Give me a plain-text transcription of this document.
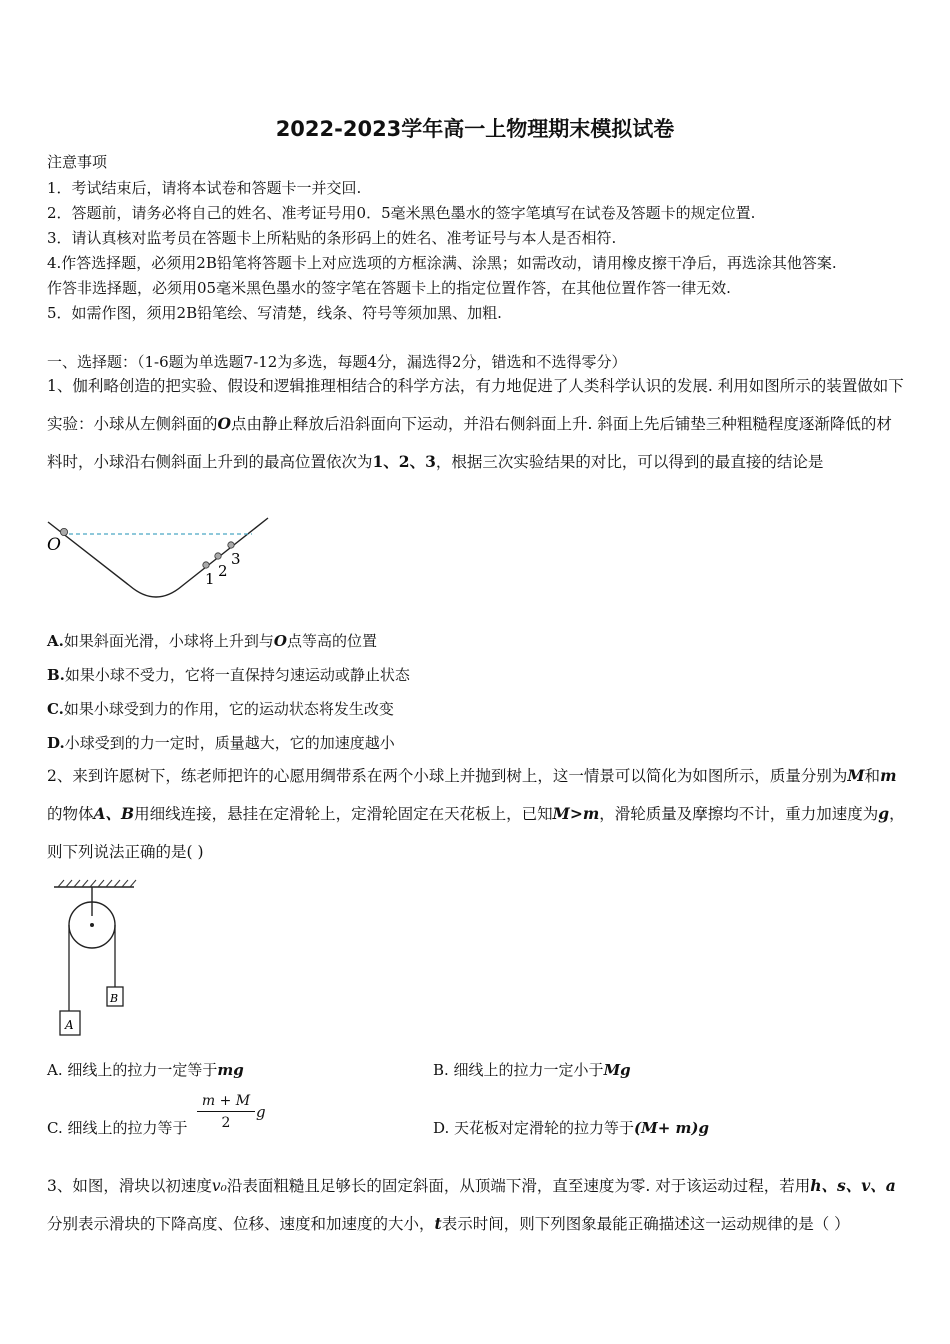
2022-2023学年高一上物理期末模拟试卷
注意事项
1．考试结束后，请将本试卷和答题卡一并交回.
2．答题前，请务必将自己的姓名、准考证号用0．5毫米黑色墨水的签字笔填写在试卷及答题卡的规定位置.
3．请认真核对监考员在答题卡上所粘贴的条形码上的姓名、准考证号与本人是否相符.
4.作答选择题，必须用2B铅笔将答题卡上对应选项的方框涂满、涂黑；如需改动，请用橡皮擦干净后，再选涂其他答案.
作答非选择题，必须用05毫米黑色墨水的签字笔在答题卡上的指定位置作答，在其他位置作答一律无效.
5．如需作图，须用2B铅笔绘、写清楚，线条、符号等须加黑、加粗.
一、选择题：（1-6题为单选题7-12为多选，每题4分，漏选得2分，错选和不选得零分）
1、伽利略创造的把实验、假设和逻辑推理相结合的科学方法，有力地促进了人类科学认识的发展. 利用如图所示的装置做如下实验：小球从左侧斜面的O点由静止释放后沿斜面向下运动，并沿右侧斜面上升. 斜面上先后铺垫三种粗糙程度逐渐降低的材料时，小球沿右侧斜面上升到的最高位置依次为1、2、3，根据三次实验结果的对比，可以得到的最直接的结论是
O
1 2
3
A.如果斜面光滑，小球将上升到与O点等高的位置
B.如果小球不受力，它将一直保持匀速运动或静止状态
C.如果小球受到力的作用，它的运动状态将发生改变
D.小球受到的力一定时，质量越大，它的加速度越小
2、来到许愿树下，练老师把许的心愿用绸带系在两个小球上并抛到树上，这一情景可以简化为如图所示，质量分别为M和m的物体A、B用细线连接，悬挂在定滑轮上，定滑轮固定在天花板上，已知M>m，滑轮质量及摩擦均不计，重力加速度为g，则下列说法正确的是( )
A
B
A. 细线上的拉力一定等于mg	B. 细线上的拉力一定小于Mg
C. 细线上的拉力等于 $\frac{m + M}{2}$ g
D. 天花板对定滑轮的拉力等于(M+ m)g
3、如图，滑块以初速度v₀沿表面粗糙且足够长的固定斜面，从顶端下滑，直至速度为零. 对于该运动过程，若用h、s、v、a分别表示滑块的下降高度、位移、速度和加速度的大小，t表示时间，则下列图象最能正确描述这一运动规律的是（ ）
